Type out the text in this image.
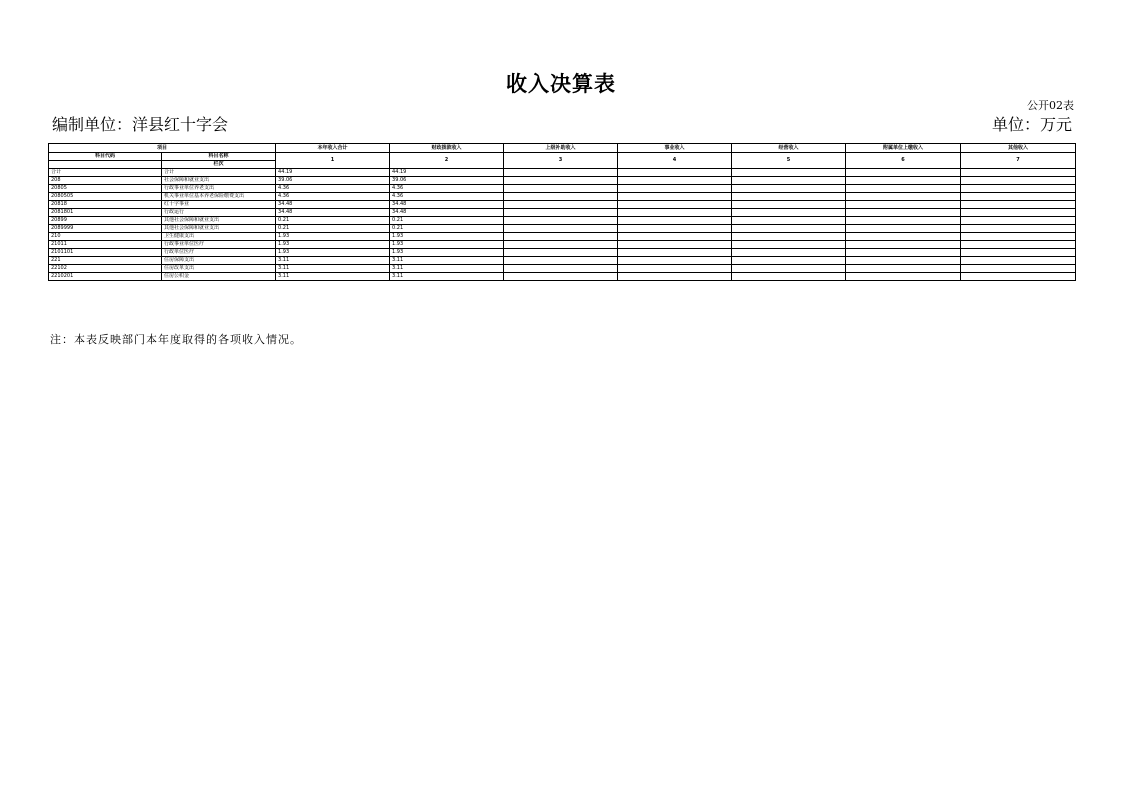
收入决算表
公开02表
编制单位：洋县红十字会	单位：万元
项目		本年收入合计	财政拨款收入	上级补助收入	事业收入	经营收入	附属单位上缴收入	其他收入
科目代码	科目名称	1	2	3	4	5	6	7
	栏次							
合计	合计	44.19	44.19					
208	社会保障和就业支出	39.06	39.06					
20805	行政事业单位养老支出	4.36	4.36					
2080505	机关事业单位基本养老保险缴费支出	4.36	4.36					
20818	红十字事业	34.48	34.48					
2081801	行政运行	34.48	34.48					
20899	其他社会保障和就业支出	0.21	0.21					
2089999	其他社会保障和就业支出	0.21	0.21					
210	卫生健康支出	1.93	1.93					
21011	行政事业单位医疗	1.93	1.93					
2101101	行政单位医疗	1.93	1.93					
221	住房保障支出	3.11	3.11					
22102	住房改革支出	3.11	3.11					
2210201	住房公积金	3.11	3.11					
注：本表反映部门本年度取得的各项收入情况。
